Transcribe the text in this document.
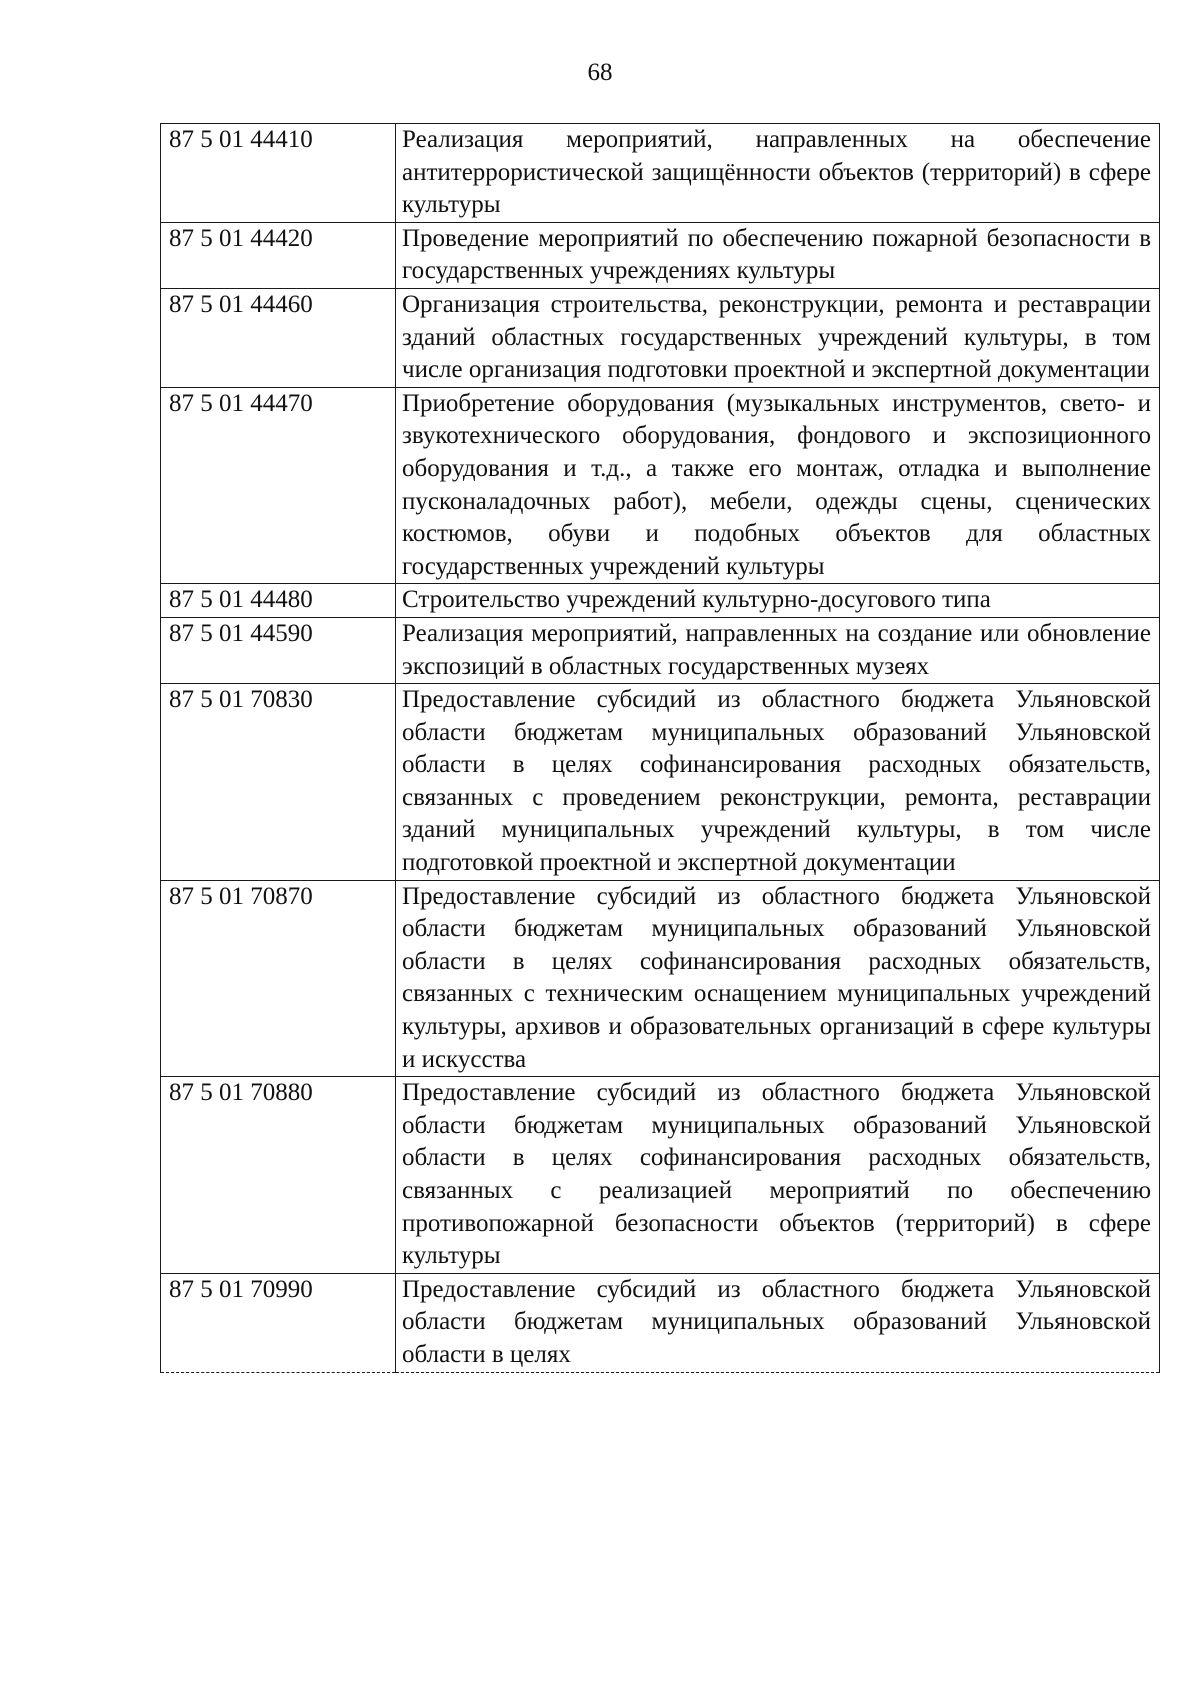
68
87 5 01 44410	Реализация мероприятий, направленных на обеспечение антитеррористической защищённости объектов (территорий) в сфере культуры
87 5 01 44420	Проведение мероприятий по обеспечению пожарной безопасности в государственных учреждениях культуры
87 5 01 44460	Организация строительства, реконструкции, ремонта и реставрации зданий областных государственных учреждений культуры, в том числе организация подготовки проектной и экспертной документации
87 5 01 44470	Приобретение оборудования (музыкальных инструментов, свето- и звукотехнического оборудования, фондового и экспозиционного оборудования и т.д., а также его монтаж, отладка и выполнение пусконаладочных работ), мебели, одежды сцены, сценических костюмов, обуви и подобных объектов для областных государственных учреждений культуры
87 5 01 44480	Строительство учреждений культурно-досугового типа
87 5 01 44590	Реализация мероприятий, направленных на создание или обновление экспозиций в областных государственных музеях
87 5 01 70830	Предоставление субсидий из областного бюджета Ульяновской области бюджетам муниципальных образований Ульяновской области в целях софинансирования расходных обязательств, связанных с проведением реконструкции, ремонта, реставрации зданий муниципальных учреждений культуры, в том числе подготовкой проектной и экспертной документации
87 5 01 70870	Предоставление субсидий из областного бюджета Ульяновской области бюджетам муниципальных образований Ульяновской области в целях софинансирования расходных обязательств, связанных с техническим оснащением муниципальных учреждений культуры, архивов и образовательных организаций в сфере культуры и искусства
87 5 01 70880	Предоставление субсидий из областного бюджета Ульяновской области бюджетам муниципальных образований Ульяновской области в целях софинансирования расходных обязательств, связанных с реализацией мероприятий по обеспечению противопожарной безопасности объектов (территорий) в сфере культуры
87 5 01 70990	Предоставление субсидий из областного бюджета Ульяновской области бюджетам муниципальных образований Ульяновской области в целях
